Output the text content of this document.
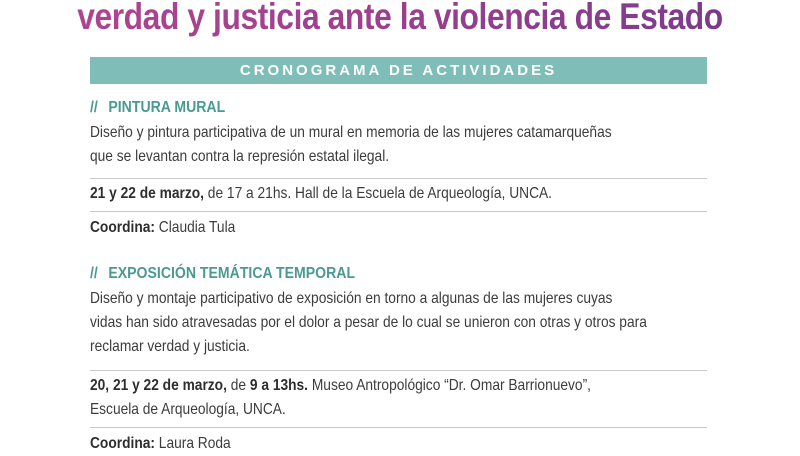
verdad y justicia ante la violencia de Estado
CRONOGRAMA DE ACTIVIDADES
// PINTURA MURAL
Diseño y pintura participativa de un mural en memoria de las mujeres catamarqueñas
que se levantan contra la represión estatal ilegal.
21 y 22 de marzo, de 17 a 21hs. Hall de la Escuela de Arqueología, UNCA.
Coordina: Claudia Tula
// EXPOSICIÓN TEMÁTICA TEMPORAL
Diseño y montaje participativo de exposición en torno a algunas de las mujeres cuyas
vidas han sido atravesadas por el dolor a pesar de lo cual se unieron con otras y otros para
reclamar verdad y justicia.
20, 21 y 22 de marzo, de 9 a 13hs. Museo Antropológico “Dr. Omar Barrionuevo”,
Escuela de Arqueología, UNCA.
Coordina: Laura Roda
